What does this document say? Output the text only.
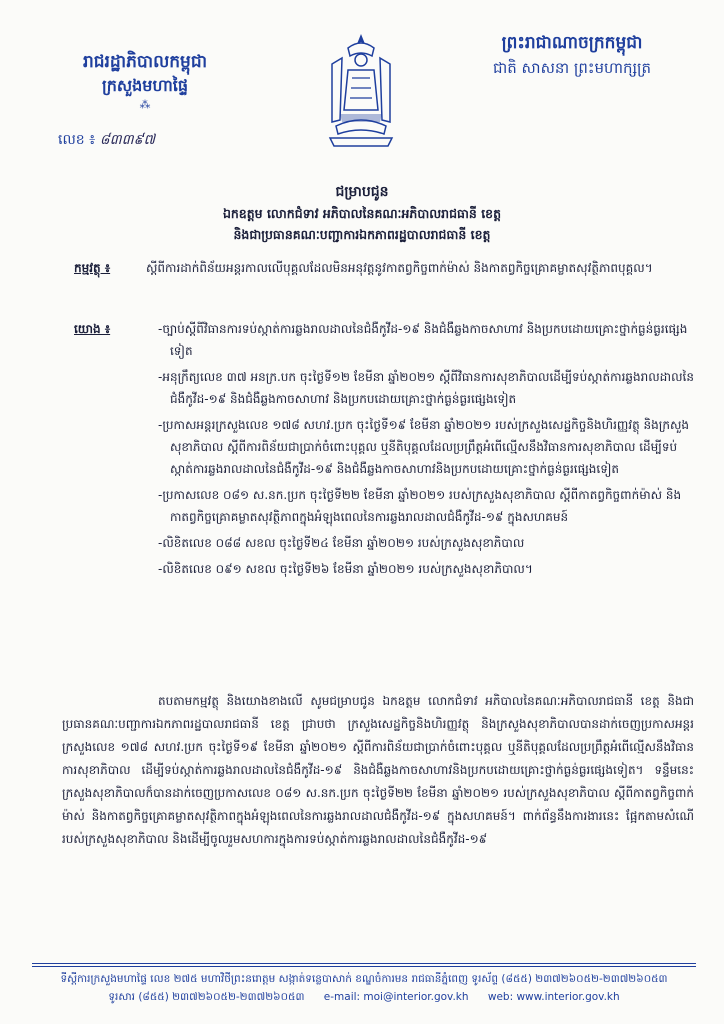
រាជរដ្ឋាភិបាលកម្ពុជា
ក្រសួងមហាផ្ទៃ
⁂
លេខ ៖ ៨៣៣៩៧
ព្រះរាជាណាចក្រកម្ពុជា
ជាតិ សាសនា ព្រះមហាក្សត្រ
ជម្រាបជូន
ឯកឧត្តម លោកជំទាវ អភិបាលនៃគណៈអភិបាលរាជធានី ខេត្ត
និងជាប្រធានគណៈបញ្ជាការឯកភាពរដ្ឋបាលរាជធានី ខេត្ត
កម្មវត្ថុ ៖	ស្តីពីការដាក់ពិន័យអន្តរកាលលើបុគ្គលដែលមិនអនុវត្តនូវកាតព្វកិច្ចពាក់ម៉ាស់ និងកាតព្វកិច្ចគ្រោគម្លាតសុវត្ថិភាពបុគ្គល។
យោង ៖	-ច្បាប់ស្តីពីវិធានការទប់ស្កាត់ការឆ្លងរាលដាលនៃជំងឺកូវីដ-១៩ និងជំងឺឆ្លងកាចសាហាវ និងប្រកបដោយគ្រោះថ្នាក់ធ្ងន់ធ្ងរផ្សេងទៀត
-អនុក្រឹត្យលេខ ៣៧ អនក្រ.បក ចុះថ្ងៃទី១២ ខែមីនា ឆ្នាំ២០២១ ស្តីពីវិធានការសុខាភិបាលដើម្បីទប់ស្កាត់ការឆ្លងរាលដាលនៃជំងឺកូវីដ-១៩ និងជំងឺឆ្លងកាចសាហាវ និងប្រកបដោយគ្រោះថ្នាក់ធ្ងន់ធ្ងរផ្សេងទៀត
-ប្រកាសអន្តរក្រសួងលេខ ១៧៨ សហវ.ប្រក ចុះថ្ងៃទី១៩ ខែមីនា ឆ្នាំ២០២១ របស់ក្រសួងសេដ្ឋកិច្ចនិងហិរញ្ញវត្ថុ និងក្រសួងសុខាភិបាល ស្តីពីការពិន័យជាប្រាក់ចំពោះបុគ្គល ឬនីតិបុគ្គលដែលប្រព្រឹត្តអំពើល្មើសនឹងវិធានការសុខាភិបាល ដើម្បីទប់ស្កាត់ការឆ្លងរាលដាលនៃជំងឺកូវីដ-១៩ និងជំងឺឆ្លងកាចសាហាវនិងប្រកបដោយគ្រោះថ្នាក់ធ្ងន់ធ្ងរផ្សេងទៀត
-ប្រកាសលេខ ០៨១ ស.នក.ប្រក ចុះថ្ងៃទី២២ ខែមីនា ឆ្នាំ២០២១ របស់ក្រសួងសុខាភិបាល ស្តីពីកាតព្វកិច្ចពាក់ម៉ាស់ និងកាតព្វកិច្ចគ្រោគម្លាតសុវត្ថិភាពក្នុងអំឡុងពេលនៃការឆ្លងរាលដាលជំងឺកូវីដ-១៩ ក្នុងសហគមន៍
-លិខិតលេខ ០៨៨ សខល ចុះថ្ងៃទី២៤ ខែមីនា ឆ្នាំ២០២១ របស់ក្រសួងសុខាភិបាល
-លិខិតលេខ ០៩១ សខល ចុះថ្ងៃទី២៦ ខែមីនា ឆ្នាំ២០២១ របស់ក្រសួងសុខាភិបាល។

តបតាមកម្មវត្ថុ និងយោងខាងលើ សូមជម្រាបជូន ឯកឧត្តម លោកជំទាវ អភិបាលនៃគណៈអភិបាលរាជធានី ខេត្ត និងជាប្រធានគណៈបញ្ជាការឯកភាពរដ្ឋបាលរាជធានី ខេត្ត ជ្រាបថា ក្រសួងសេដ្ឋកិច្ចនិងហិរញ្ញវត្ថុ និងក្រសួងសុខាភិបាលបានដាក់ចេញប្រកាសអន្តរក្រសួងលេខ ១៧៨ សហវ.ប្រក ចុះថ្ងៃទី១៩ ខែមីនា ឆ្នាំ២០២១ ស្តីពីការពិន័យជាប្រាក់ចំពោះបុគ្គល ឬនីតិបុគ្គលដែលប្រព្រឹត្តអំពើល្មើសនឹងវិធានការសុខាភិបាល ដើម្បីទប់ស្កាត់ការឆ្លងរាលដាលនៃជំងឺកូវីដ-១៩ និងជំងឺឆ្លងកាចសាហាវនិងប្រកបដោយគ្រោះថ្នាក់ធ្ងន់ធ្ងរផ្សេងទៀត។ ទន្ទឹមនេះ ក្រសួងសុខាភិបាលក៏បានដាក់ចេញប្រកាសលេខ ០៨១ ស.នក.ប្រក ចុះថ្ងៃទី២២ ខែមីនា ឆ្នាំ២០២១ របស់ក្រសួងសុខាភិបាល ស្តីពីកាតព្វកិច្ចពាក់ម៉ាស់ និងកាតព្វកិច្ចគ្រោគម្លាតសុវត្ថិភាពក្នុងអំឡុងពេលនៃការឆ្លងរាលដាលជំងឺកូវីដ-១៩ ក្នុងសហគមន៍។ ពាក់ព័ន្ធនឹងការងារនេះ ផ្អែកតាមសំណើរបស់ក្រសួងសុខាភិបាល និងដើម្បីចូលរួមសហការក្នុងការទប់ស្កាត់ការឆ្លងរាលដាលនៃជំងឺកូវីដ-១៩

ទីស្តីការក្រសួងមហាផ្ទៃ លេខ ២៧៥ មហាវិថីព្រះនរោត្តម សង្កាត់ទន្លេបាសាក់ ខណ្ឌចំការមន រាជធានីភ្នំពេញ ទូរស័ព្ទ (៨៥៥) ២៣៧២៦០៥២-២៣៧២៦០៥៣
ទូរសារ (៨៥៥) ២៣៧២៦០៥២-២៣៧២៦០៥៣ e-mail: moi@interior.gov.kh web: www.interior.gov.kh
